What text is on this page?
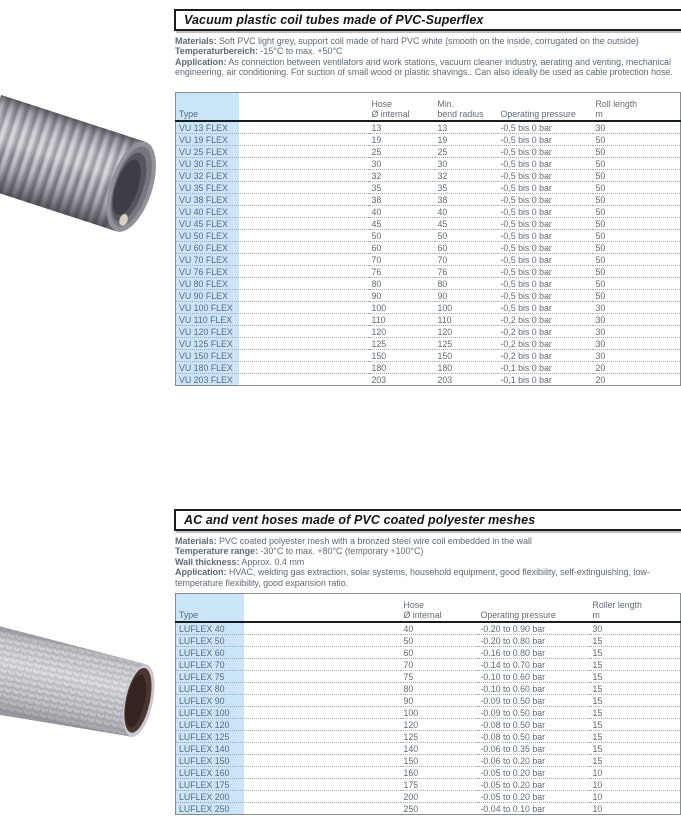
Vacuum plastic coil tubes made of PVC-Superflex

Materials: Soft PVC light grey, support coil made of hard PVC white (smooth on the inside, corrugated on the outside)

Temperaturbereich: -15°C to max. +50°C

Application: As connection between ventilators and work stations, vacuum cleaner industry, aerating and venting, mechanical engineering, air conditioning. For suction of small wood or plastic shavings.. Can also ideally be used as cable protection hose.

Type

Hose
Ø internal

Min.
bend radius	Operating pressure

Roll length
m

VU 13 FLEX	13	13	-0,5 bis 0 bar	30
VU 19 FLEX	19	19	-0,5 bis 0 bar	50
VU 25 FLEX	25	25	-0,5 bis 0 bar	50
VU 30 FLEX	30	30	-0,5 bis 0 bar	50
VU 32 FLEX	32	32	-0,5 bis 0 bar	50
VU 35 FLEX	35	35	-0,5 bis 0 bar	50
VU 38 FLEX	38	38	-0,5 bis 0 bar	50
VU 40 FLEX	40	40	-0,5 bis 0 bar	50
VU 45 FLEX	45	45	-0,5 bis 0 bar	50
VU 50 FLEX	50	50	-0,5 bis 0 bar	50
VU 60 FLEX	60	60	-0,5 bis 0 bar	50
VU 70 FLEX	70	70	-0,5 bis 0 bar	50
VU 76 FLEX	76	76	-0,5 bis 0 bar	50
VU 80 FLEX	80	80	-0,5 bis 0 bar	50
VU 90 FLEX	90	90	-0,5 bis 0 bar	50
VU 100 FLEX	100	100	-0,5 bis 0 bar	30
VU 110 FLEX	110	110	-0,2 bis 0 bar	30
VU 120 FLEX	120	120	-0,2 bis 0 bar	30
VU 125 FLEX	125	125	-0,2 bis 0 bar	30
VU 150 FLEX	150	150	-0,2 bis 0 bar	30
VU 180 FLEX	180	180	-0,1 bis 0 bar	20
VU 203 FLEX	203	203	-0,1 bis 0 bar	20
AC and vent hoses made of PVC coated polyester meshes

Materials: PVC coated polyester mesh with a bronzed steel wire coil embedded in the wall

Temperature range: -30°C to max. +80°C (temporary +100°C)

Wall thickness: Approx. 0.4 mm

Application: HVAC, welding gas extraction, solar systems, household equipment, good flexibility, self-extinguishing, low-temperature flexibility, good expansion ratio.

Type

Hose
Ø internal	Operating pressure

Roller length
m

LUFLEX 40	40	-0.20 to 0.90 bar	30
LUFLEX 50	50	-0.20 to 0.80 bar	15
LUFLEX 60	60	-0.16 to 0.80 bar	15
LUFLEX 70	70	-0.14 to 0.70 bar	15
LUFLEX 75	75	-0.10 to 0.60 bar	15
LUFLEX 80	80	-0.10 to 0.60 bar	15
LUFLEX 90	90	-0.09 to 0.50 bar	15
LUFLEX 100	100	-0.09 to 0.50 bar	15
LUFLEX 120	120	-0.08 to 0.50 bar	15
LUFLEX 125	125	-0.08 to 0.50 bar	15
LUFLEX 140	140	-0.06 to 0.35 bar	15
LUFLEX 150	150	-0.06 to 0.20 bar	15
LUFLEX 160	160	-0.05 to 0.20 bar	10
LUFLEX 175	175	-0.05 to 0.20 bar	10
LUFLEX 200	200	-0.05 to 0.20 bar	10
LUFLEX 250	250	-0.04 to 0.10 bar	10
